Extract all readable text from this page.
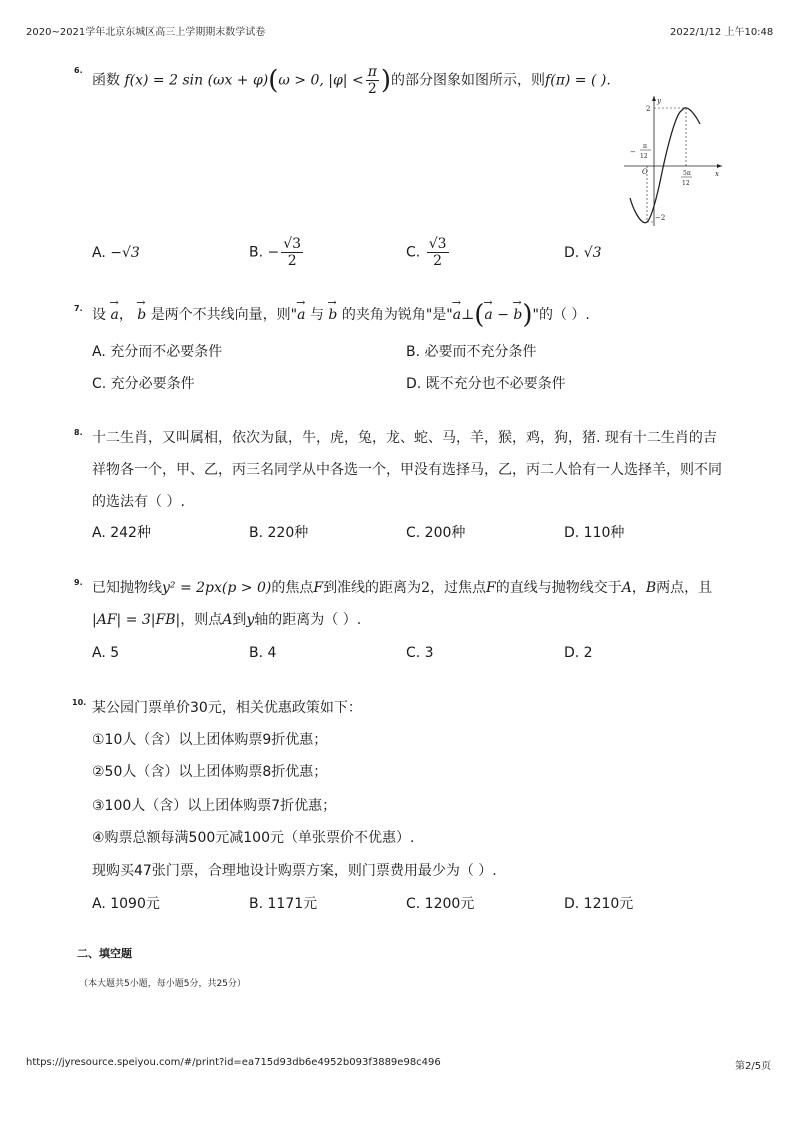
2020~2021学年北京东城区高三上学期期末数学试卷	2022/1/12 上午10:48
6.
函数 f(x) = 2 sin (ωx + φ)(ω > 0, $|\varphi| < \frac{\pi}{2}$ )的部分图象如图所示，则f(π) = ( ).
y
x
O
2
−2
−
π
12
5π
12
A. −√3	B. − $\frac{√3}{2}$	C. $\frac{√3}{2}$	D. √3
7. 设 → a， → b 是两个不共线向量，则"→ a 与 → b 的夹角为锐角"是"→ a⊥(→ a − → b)"的（ ）.
A. 充分而不必要条件	B. 必要而不充分条件
C. 充分必要条件	D. 既不充分也不必要条件
8. 十二生肖，又叫属相，依次为鼠，牛，虎，兔，龙、蛇、马，羊，猴，鸡，狗，猪. 现有十二生肖的吉
祥物各一个，甲、乙，丙三名同学从中各选一个，甲没有选择马，乙，丙二人恰有一人选择羊，则不同
的选法有（ ）.
A. 242种	B. 220种	C. 200种	D. 110种
9. 已知抛物线y² = 2px(p > 0)的焦点F到准线的距离为2，过焦点F的直线与抛物线交于A，B两点，且
|AF| = 3|FB|，则点A到y轴的距离为（ ）.
A. 5	B. 4	C. 3	D. 2
10. 某公园门票单价30元，相关优惠政策如下：
①10人（含）以上团体购票9折优惠；
②50人（含）以上团体购票8折优惠；
③100人（含）以上团体购票7折优惠；
④购票总额每满500元减100元（单张票价不优惠）.
现购买47张门票，合理地设计购票方案，则门票费用最少为（ ）.
A. 1090元	B. 1171元	C. 1200元	D. 1210元
二、填空题
（本大题共5小题，每小题5分，共25分）
https://jyresource.speiyou.com/#/print?id=ea715d93db6e4952b093f3889e98c496	第2/5页
